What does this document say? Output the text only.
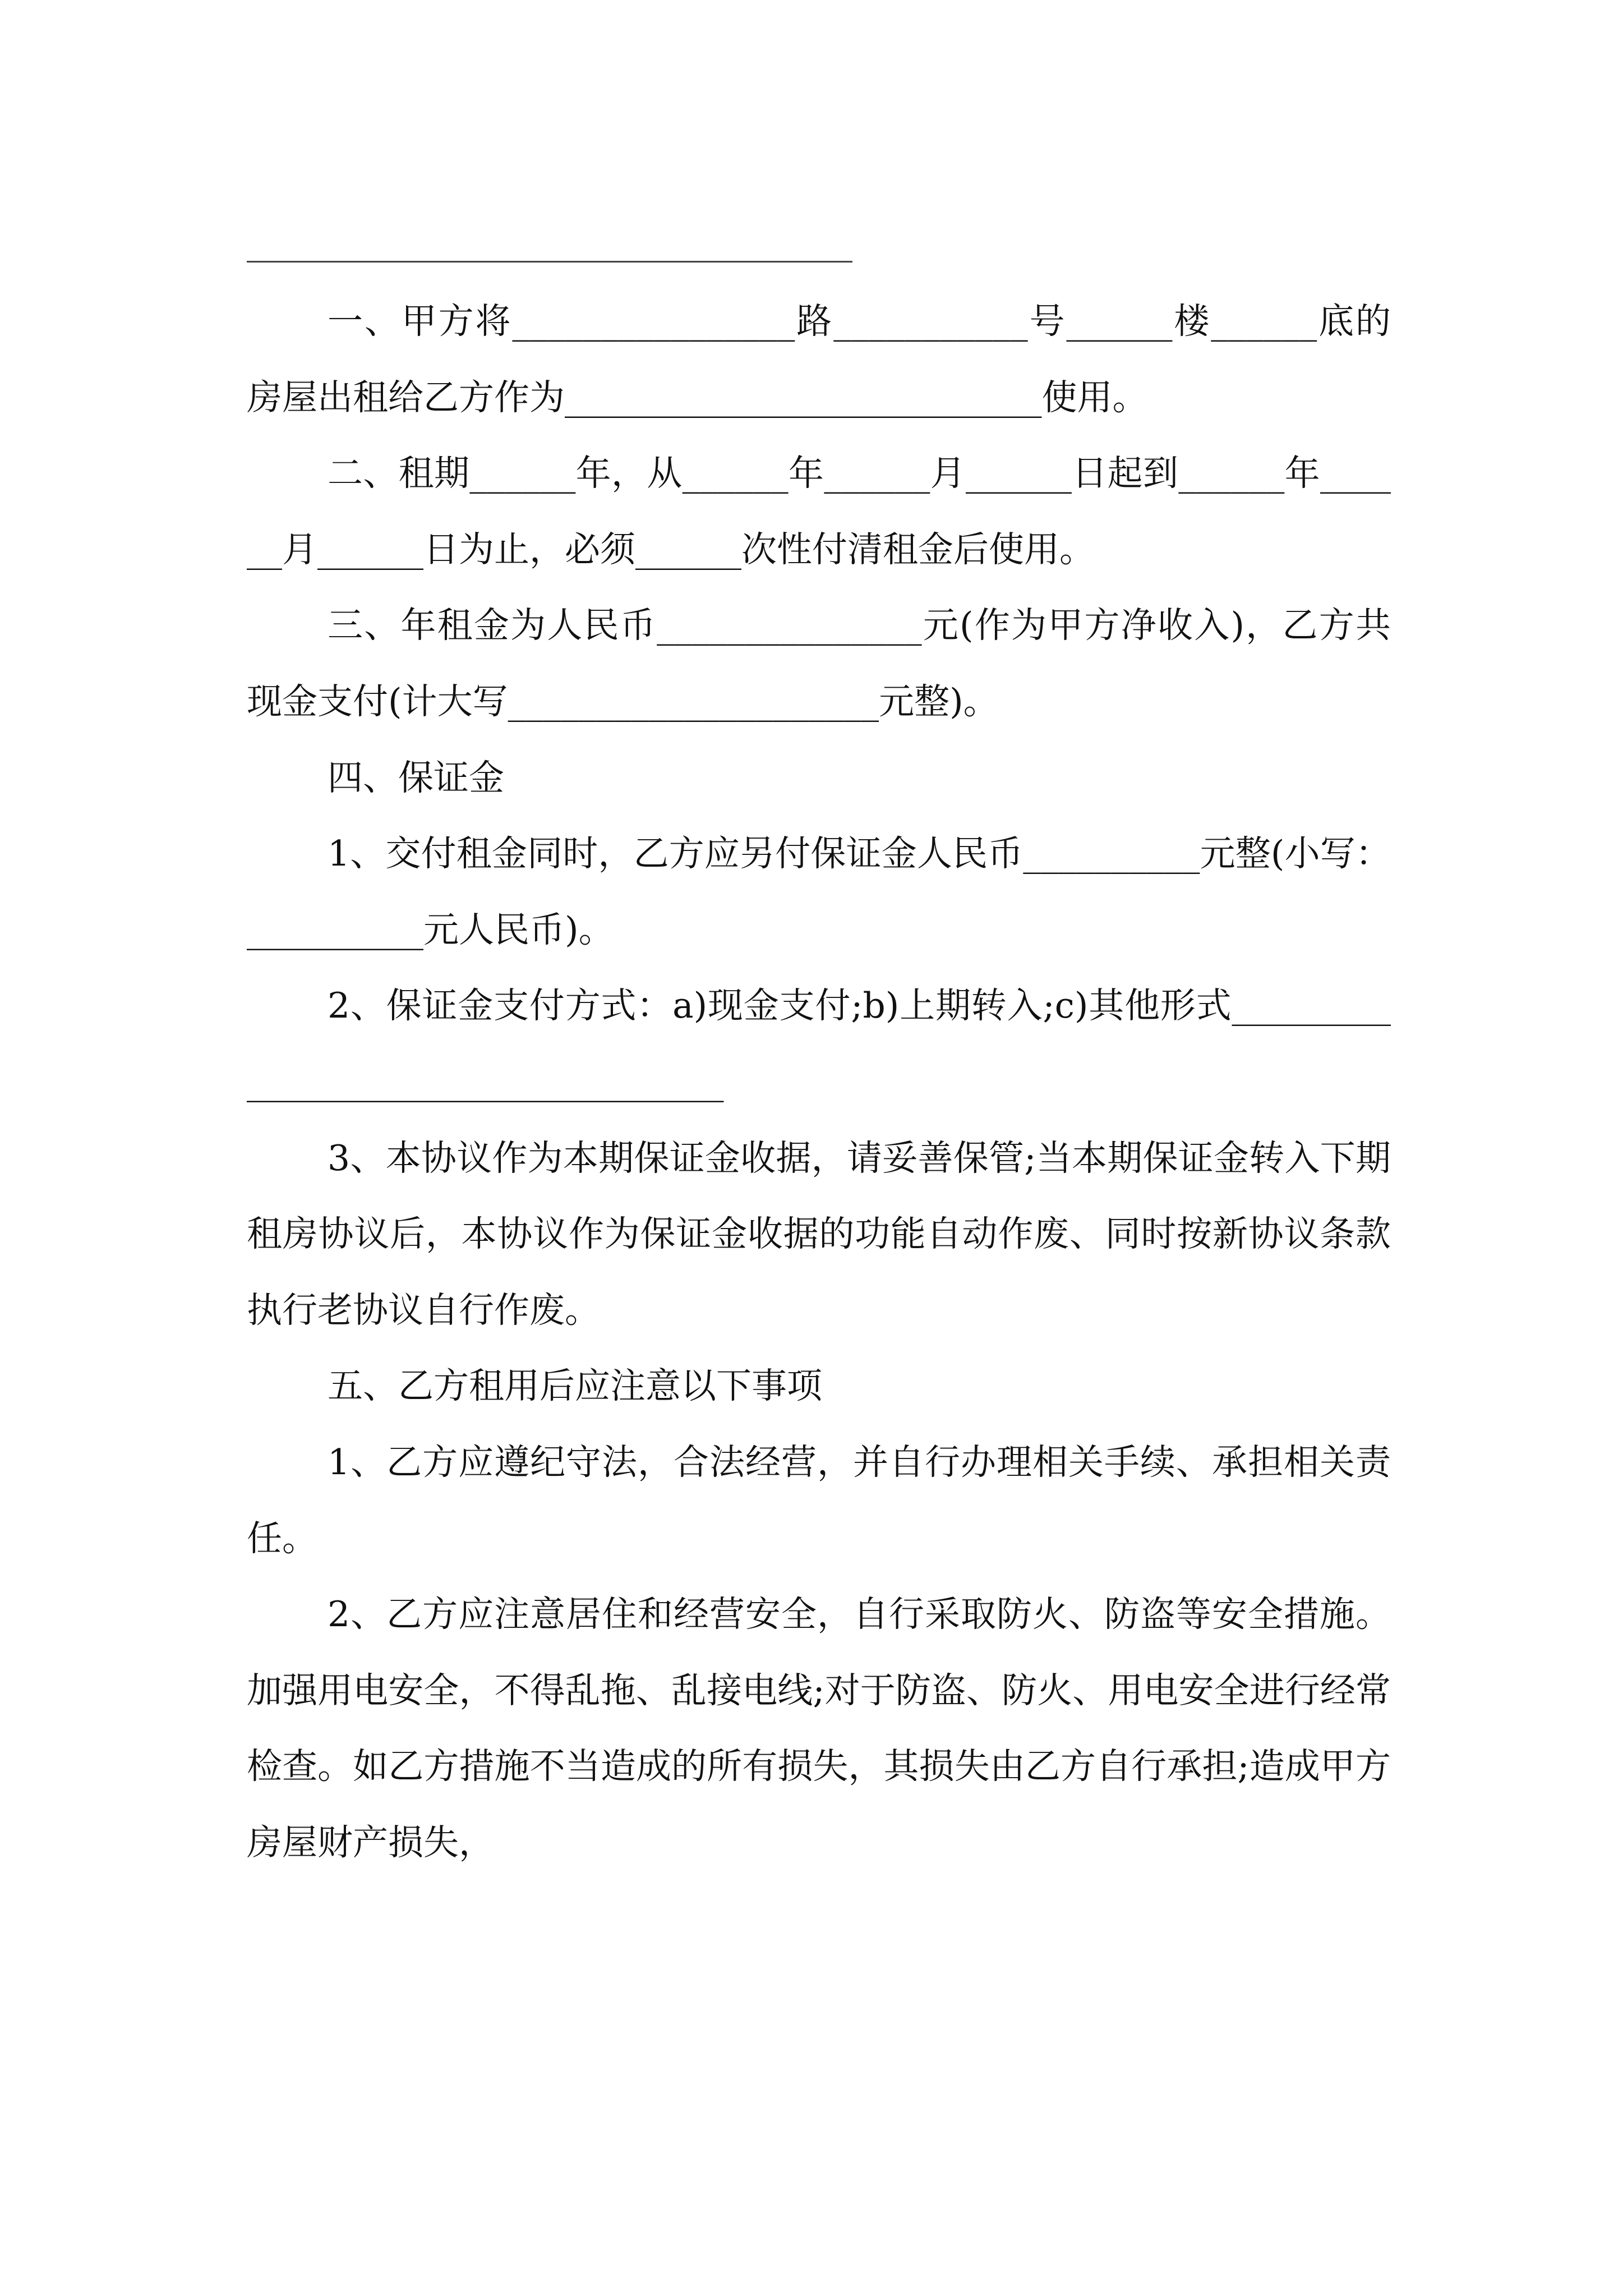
一、甲方将________________路___________号______楼______底的房屋出租给乙方作为___________________________使用。

二、租期______年，从______年______月______日起到______年______月______日为止，必须______次性付清租金后使用。

三、年租金为人民币_______________元(作为甲方净收入)，乙方共现金支付(计大写_____________________元整)。

四、保证金

1、交付租金同时，乙方应另付保证金人民币__________元整(小写：__________元人民币)。

2、保证金支付方式：a)现金支付;b)上期转入;c)其他形式____________________________________

3、本协议作为本期保证金收据，请妥善保管;当本期保证金转入下期租房协议后，本协议作为保证金收据的功能自动作废、同时按新协议条款执行老协议自行作废。

五、乙方租用后应注意以下事项

1、乙方应遵纪守法，合法经营，并自行办理相关手续、承担相关责任。

2、乙方应注意居住和经营安全，自行采取防火、防盗等安全措施。加强用电安全，不得乱拖、乱接电线;对于防盗、防火、用电安全进行经常检查。如乙方措施不当造成的所有损失，其损失由乙方自行承担;造成甲方房屋财产损失，
